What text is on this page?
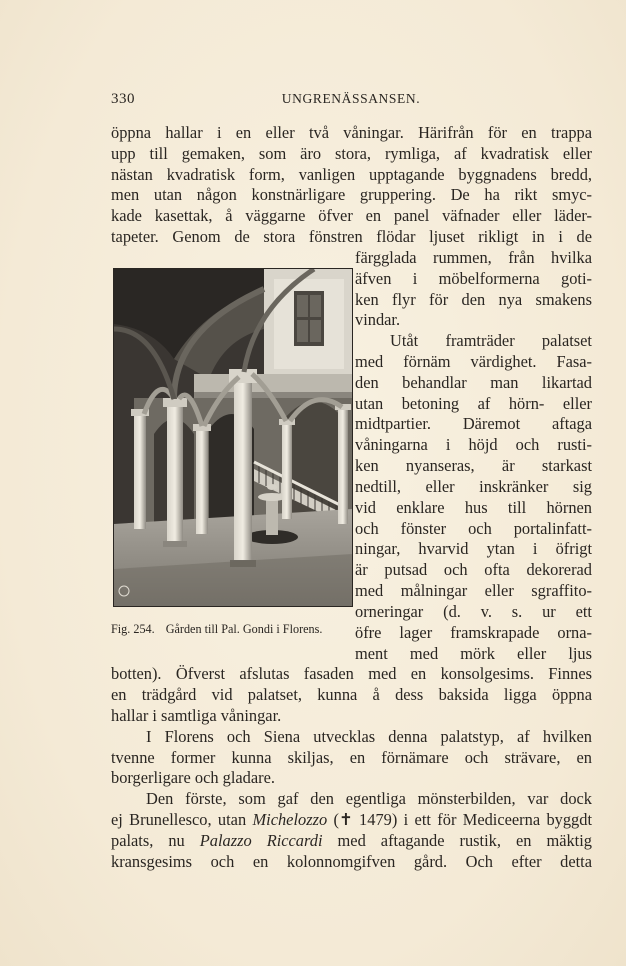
330	UNGRENÄSSANSEN.
öppna hallar i en eller två våningar. Härifrån för en trappa
upp till gemaken, som äro stora, rymliga, af kvadratisk eller
nästan kvadratisk form, vanligen upptagande byggnadens bredd,
men utan någon konstnärligare gruppering. De ha rikt smyc-
kade kasettak, å väggarne öfver en panel väfnader eller läder-
tapeter. Genom de stora fönstren flödar ljuset rikligt in i de
färgglada rummen, från hvilka
äfven i möbelformerna goti-
ken flyr för den nya smakens
vindar.
Utåt framträder palatset
med förnäm värdighet. Fasa-
den behandlar man likartad
utan betoning af hörn- eller
midtpartier. Däremot aftaga
våningarna i höjd och rusti-
ken nyanseras, är starkast
nedtill, eller inskränker sig
vid enklare hus till hörnen
och fönster och portalinfatt-
ningar, hvarvid ytan i öfrigt
är putsad och ofta dekorerad
med målningar eller sgraffito-
orneringar (d. v. s. ur ett
öfre lager framskrapade orna-
ment med mörk eller ljus
botten). Öfverst afslutas fasaden med en konsolgesims. Finnes
en trädgård vid palatset, kunna å dess baksida ligga öppna
hallar i samtliga våningar.
I Florens och Siena utvecklas denna palatstyp, af hvilken
tvenne former kunna skiljas, en förnämare och strävare, en
borgerligare och gladare.
Den förste, som gaf den egentliga mönsterbilden, var dock
ej Brunellesco, utan Michelozzo (✝ 1479) i ett för Mediceerna byggdt
palats, nu Palazzo Riccardi med aftagande rustik, en mäktig
kransgesims och en kolonnomgifven gård. Och efter detta
Fig. 254. Gården till Pal. Gondi i Florens.
